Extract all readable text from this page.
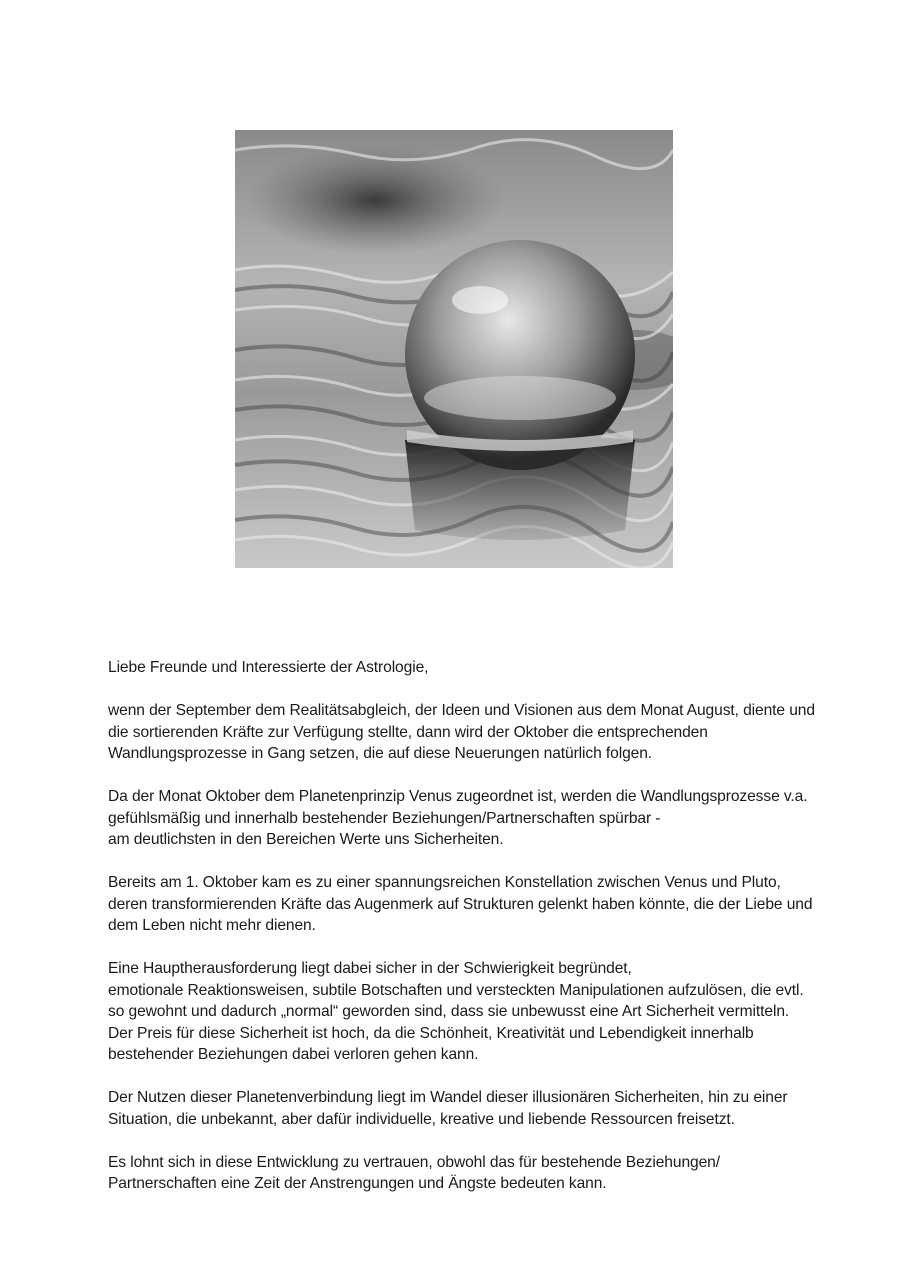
Liebe Freunde und Interessierte der Astrologie,

wenn der September dem Realitätsabgleich, der Ideen und Visionen aus dem Monat August, diente und
die sortierenden Kräfte zur Verfügung stellte, dann wird der Oktober die entsprechenden
Wandlungsprozesse in Gang setzen, die auf diese Neuerungen natürlich folgen.

Da der Monat Oktober dem Planetenprinzip Venus zugeordnet ist, werden die Wandlungsprozesse v.a.
gefühlsmäßig und innerhalb bestehender Beziehungen/Partnerschaften spürbar -
am deutlichsten in den Bereichen Werte uns Sicherheiten.

Bereits am 1. Oktober kam es zu einer spannungsreichen Konstellation zwischen Venus und Pluto,
deren transformierenden Kräfte das Augenmerk auf Strukturen gelenkt haben könnte, die der Liebe und
dem Leben nicht mehr dienen.

Eine Hauptherausforderung liegt dabei sicher in der Schwierigkeit begründet,
emotionale Reaktionsweisen, subtile Botschaften und versteckten Manipulationen aufzulösen, die evtl.
so gewohnt und dadurch „normal“ geworden sind, dass sie unbewusst eine Art Sicherheit vermitteln.
Der Preis für diese Sicherheit ist hoch, da die Schönheit, Kreativität und Lebendigkeit innerhalb
bestehender Beziehungen dabei verloren gehen kann.

Der Nutzen dieser Planetenverbindung liegt im Wandel dieser illusionären Sicherheiten, hin zu einer
Situation, die unbekannt, aber dafür individuelle, kreative und liebende Ressourcen freisetzt.

Es lohnt sich in diese Entwicklung zu vertrauen, obwohl das für bestehende Beziehungen/
Partnerschaften eine Zeit der Anstrengungen und Ängste bedeuten kann.
